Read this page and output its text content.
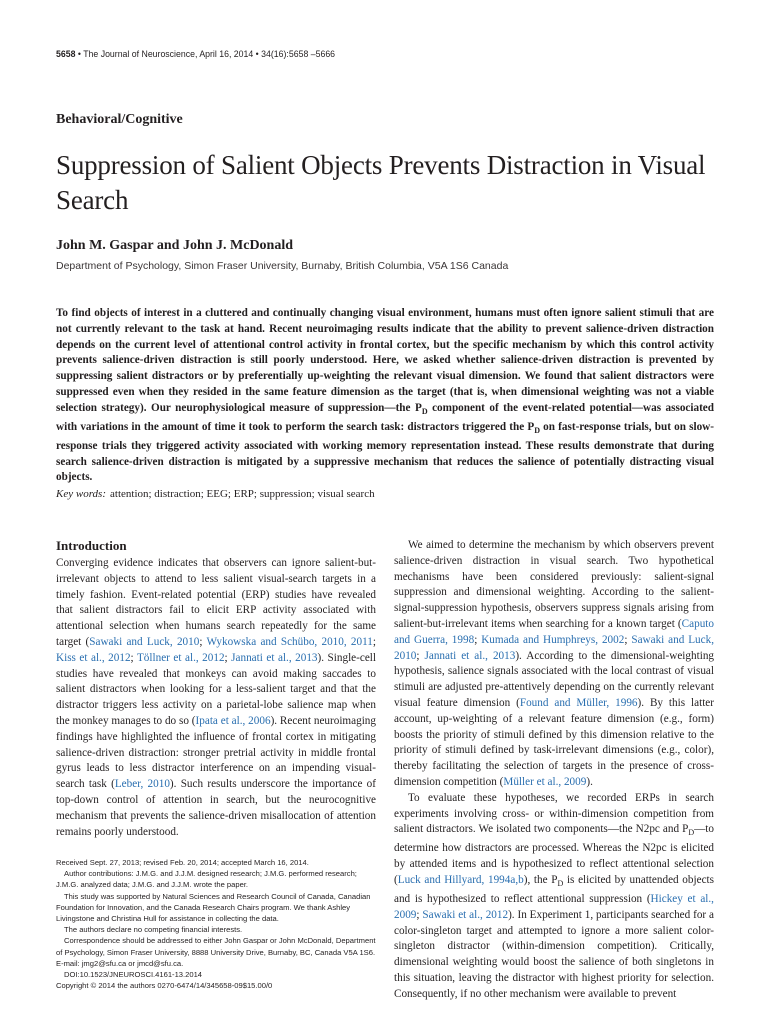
5658 • The Journal of Neuroscience, April 16, 2014 • 34(16):5658 –5666
Behavioral/Cognitive
Suppression of Salient Objects Prevents Distraction in Visual Search
John M. Gaspar and John J. McDonald
Department of Psychology, Simon Fraser University, Burnaby, British Columbia, V5A 1S6 Canada

To find objects of interest in a cluttered and continually changing visual environment, humans must often ignore salient stimuli that are not currently relevant to the task at hand. Recent neuroimaging results indicate that the ability to prevent salience-driven distraction depends on the current level of attentional control activity in frontal cortex, but the specific mechanism by which this control activity prevents salience-driven distraction is still poorly understood. Here, we asked whether salience-driven distraction is prevented by suppressing salient distractors or by preferentially up-weighting the relevant visual dimension. We found that salient distractors were suppressed even when they resided in the same feature dimension as the target (that is, when dimensional weighting was not a viable selection strategy). Our neurophysiological measure of suppression—the $P_D$ component of the event-related potential—was associated with variations in the amount of time it took to perform the search task: distractors triggered the $P_D$ on fast-response trials, but on slow-response trials they triggered activity associated with working memory representation instead. These results demonstrate that during search salience-driven distraction is mitigated by a suppressive mechanism that reduces the salience of potentially distracting visual objects.

Key words: attention; distraction; EEG; ERP; suppression; visual search
Introduction

Converging evidence indicates that observers can ignore salient-but-irrelevant objects to attend to less salient visual-search targets in a timely fashion. Event-related potential (ERP) studies have revealed that salient distractors fail to elicit ERP activity associated with attentional selection when humans search repeatedly for the same target (Sawaki and Luck, 2010; Wykowska and Schübo, 2010, 2011; Kiss et al., 2012; Töllner et al., 2012; Jannati et al., 2013). Single-cell studies have revealed that monkeys can avoid making saccades to salient distractors when looking for a less-salient target and that the distractor triggers less activity on a parietal-lobe salience map when the monkey manages to do so (Ipata et al., 2006). Recent neuroimaging findings have highlighted the influence of frontal cortex in mitigating salience-driven distraction: stronger pretrial activity in middle frontal gyrus leads to less distractor interference on an impending visual-search task (Leber, 2010). Such results underscore the importance of top-down control of attention in search, but the neurocognitive mechanism that prevents the salience-driven misallocation of attention remains poorly understood.

We aimed to determine the mechanism by which observers prevent salience-driven distraction in visual search. Two hypothetical mechanisms have been considered previously: salient-signal suppression and dimensional weighting. According to the salient-signal-suppression hypothesis, observers suppress signals arising from salient-but-irrelevant items when searching for a known target (Caputo and Guerra, 1998; Kumada and Humphreys, 2002; Sawaki and Luck, 2010; Jannati et al., 2013). According to the dimensional-weighting hypothesis, salience signals associated with the local contrast of visual stimuli are adjusted pre-attentively depending on the currently relevant visual feature dimension (Found and Müller, 1996). By this latter account, up-weighting of a relevant feature dimension (e.g., form) boosts the priority of stimuli defined by this dimension relative to the priority of stimuli defined by task-irrelevant dimensions (e.g., color), thereby facilitating the selection of targets in the presence of cross-dimension competition (Müller et al., 2009).

To evaluate these hypotheses, we recorded ERPs in search experiments involving cross- or within-dimension competition from salient distractors. We isolated two components—the N2pc and $P_D—to$ determine how distractors are processed. Whereas the N2pc is elicited by attended items and is hypothesized to reflect attentional selection (Luck and Hillyard, 1994a,b), the $P_D$ is elicited by unattended objects and is hypothesized to reflect attentional suppression (Hickey et al., 2009; Sawaki et al., 2012). In Experiment 1, participants searched for a color-singleton target and attempted to ignore a more salient color-singleton distractor (within-dimension competition). Critically, dimensional weighting would boost the salience of both singletons in this situation, leaving the distractor with highest priority for selection. Consequently, if no other mechanism were available to prevent

Received Sept. 27, 2013; revised Feb. 20, 2014; accepted March 16, 2014.

Author contributions: J.M.G. and J.J.M. designed research; J.M.G. performed research; J.M.G. analyzed data; J.M.G. and J.J.M. wrote the paper.

This study was supported by Natural Sciences and Research Council of Canada, Canadian Foundation for Innovation, and the Canada Research Chairs program. We thank Ashley Livingstone and Christina Hull for assistance in collecting the data.

The authors declare no competing financial interests.

Correspondence should be addressed to either John Gaspar or John McDonald, Department of Psychology, Simon Fraser University, 8888 University Drive, Burnaby, BC, Canada V5A 1S6. E-mail: jmg2@sfu.ca or jmcd@sfu.ca.

DOI:10.1523/JNEUROSCI.4161-13.2014

Copyright © 2014 the authors 0270-6474/14/345658-09$15.00/0
